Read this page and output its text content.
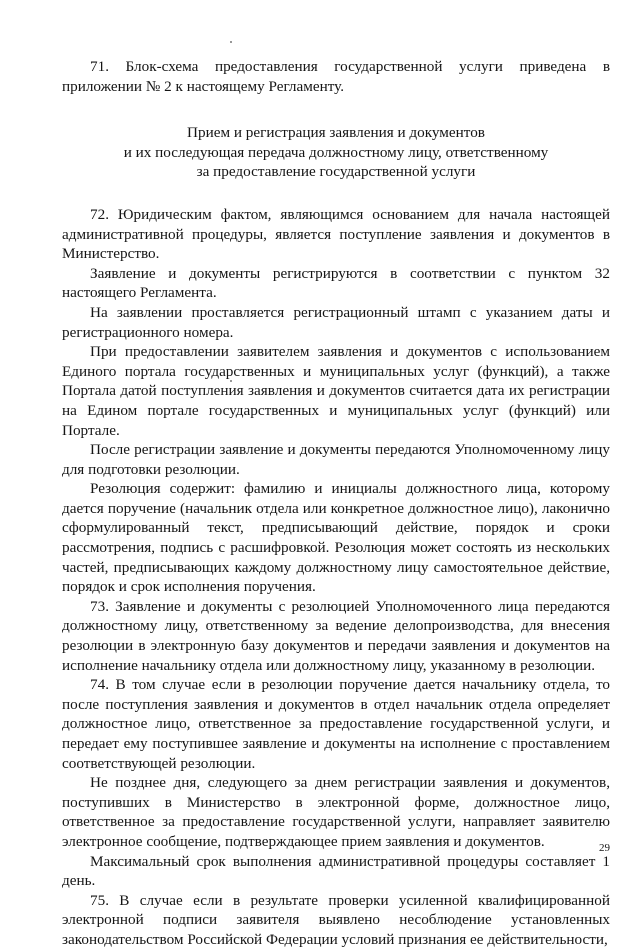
71. Блок-схема предоставления государственной услуги приведена в приложении № 2 к настоящему Регламенту.

Прием и регистрация заявления и документов
и их последующая передача должностному лицу, ответственному
за предоставление государственной услуги

72. Юридическим фактом, являющимся основанием для начала настоящей административной процедуры, является поступление заявления и документов в Министерство.

Заявление и документы регистрируются в соответствии с пунктом 32 настоящего Регламента.

На заявлении проставляется регистрационный штамп с указанием даты и регистрационного номера.

При предоставлении заявителем заявления и документов с использованием Единого портала государственных и муниципальных услуг (функций), а также Портала датой поступления заявления и документов считается дата их регистрации на Едином портале государственных и муниципальных услуг (функций) или Портале.

После регистрации заявление и документы передаются Уполномоченному лицу для подготовки резолюции.

Резолюция содержит: фамилию и инициалы должностного лица, которому дается поручение (начальник отдела или конкретное должностное лицо), лаконично сформулированный текст, предписывающий действие, порядок и сроки рассмотрения, подпись с расшифровкой. Резолюция может состоять из нескольких частей, предписывающих каждому должностному лицу самостоятельное действие, порядок и срок исполнения поручения.

73. Заявление и документы с резолюцией Уполномоченного лица передаются должностному лицу, ответственному за ведение делопроизводства, для внесения резолюции в электронную базу документов и передачи заявления и документов на исполнение начальнику отдела или должностному лицу, указанному в резолюции.

74. В том случае если в резолюции поручение дается начальнику отдела, то после поступления заявления и документов в отдел начальник отдела определяет должностное лицо, ответственное за предоставление государственной услуги, и передает ему поступившее заявление и документы на исполнение с проставлением соответствующей резолюции.

Не позднее дня, следующего за днем регистрации заявления и документов, поступивших в Министерство в электронной форме, должностное лицо, ответственное за предоставление государственной услуги, направляет заявителю электронное сообщение, подтверждающее прием заявления и документов.

Максимальный срок выполнения административной процедуры составляет 1 день.

75. В случае если в результате проверки усиленной квалифицированной электронной подписи заявителя выявлено несоблюдение установленных законодательством Российской Федерации условий признания ее действительности,

29
